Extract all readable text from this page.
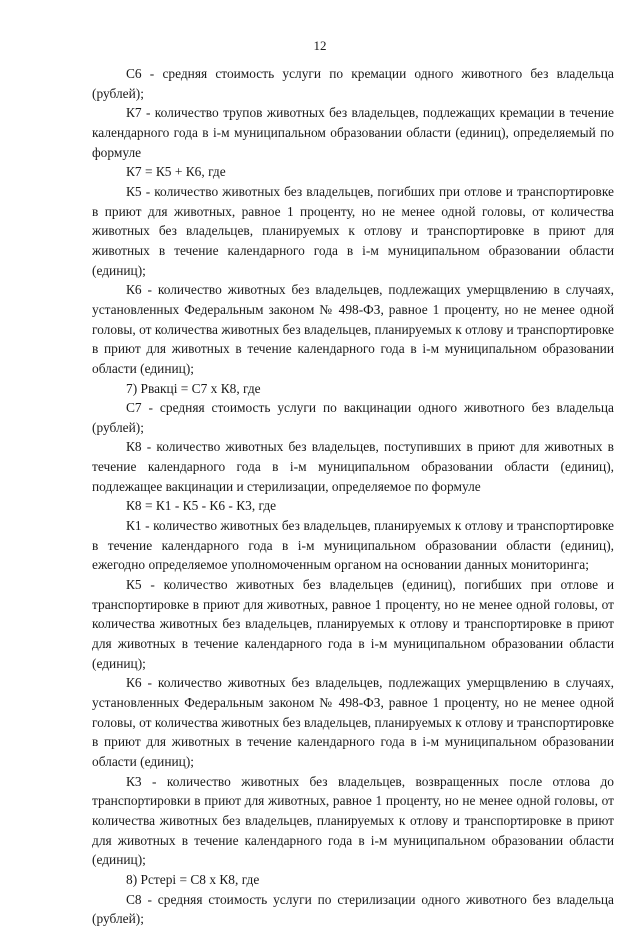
12

С6 - средняя стоимость услуги по кремации одного животного без владельца (рублей);

К7 - количество трупов животных без владельцев, подлежащих кремации в течение календарного года в і-м муниципальном образовании области (единиц), определяемый по формуле

К7 = К5 + К6, где

К5 - количество животных без владельцев, погибших при отлове и транспортировке в приют для животных, равное 1 проценту, но не менее одной головы, от количества животных без владельцев, планируемых к отлову и транспортировке в приют для животных в течение календарного года в і-м муниципальном образовании области (единиц);

К6 - количество животных без владельцев, подлежащих умерщвлению в случаях, установленных Федеральным законом № 498-ФЗ, равное 1 проценту, но не менее одной головы, от количества животных без владельцев, планируемых к отлову и транспортировке в приют для животных в течение календарного года в і-м муниципальном образовании области (единиц);

7) Рвакці = С7 х К8, где

С7 - средняя стоимость услуги по вакцинации одного животного без владельца (рублей);

К8 - количество животных без владельцев, поступивших в приют для животных в течение календарного года в і-м муниципальном образовании области (единиц), подлежащее вакцинации и стерилизации, определяемое по формуле

К8 = К1 - К5 - К6 - К3, где

К1 - количество животных без владельцев, планируемых к отлову и транспортировке в течение календарного года в і-м муниципальном образовании области (единиц), ежегодно определяемое уполномоченным органом на основании данных мониторинга;

К5 - количество животных без владельцев (единиц), погибших при отлове и транспортировке в приют для животных, равное 1 проценту, но не менее одной головы, от количества животных без владельцев, планируемых к отлову и транспортировке в приют для животных в течение календарного года в і-м муниципальном образовании области (единиц);

К6 - количество животных без владельцев, подлежащих умерщвлению в случаях, установленных Федеральным законом № 498-ФЗ, равное 1 проценту, но не менее одной головы, от количества животных без владельцев, планируемых к отлову и транспортировке в приют для животных в течение календарного года в і-м муниципальном образовании области (единиц);

К3 - количество животных без владельцев, возвращенных после отлова до транспортировки в приют для животных, равное 1 проценту, но не менее одной головы, от количества животных без владельцев, планируемых к отлову и транспортировке в приют для животных в течение календарного года в і-м муниципальном образовании области (единиц);

8) Рстерi = С8 х К8, где

С8 - средняя стоимость услуги по стерилизации одного животного без владельца (рублей);
